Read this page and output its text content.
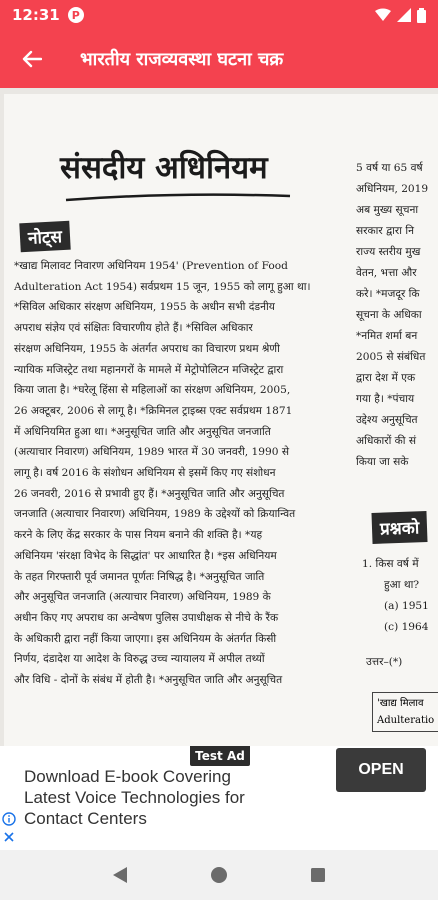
12:31	P
भारतीय राजव्यवस्था घटना चक्र
संसदीय अधिनियम
नोट्स

*खाद्य मिलावट निवारण अधिनियम 1954' (Prevention of Food

Adulteration Act 1954) सर्वप्रथम 15 जून, 1955 को लागू हुआ था।

*सिविल अधिकार संरक्षण अधिनियम, 1955 के अधीन सभी दंडनीय

अपराध संज्ञेय एवं संक्षितः विचारणीय होते हैं। *सिविल अधिकार

संरक्षण अधिनियम, 1955 के अंतर्गत अपराध का विचारण प्रथम श्रेणी

न्यायिक मजिस्ट्रेट तथा महानगरों के मामले में मेट्रोपोलिटन मजिस्ट्रेट द्वारा

किया जाता है। *घरेलू हिंसा से महिलाओं का संरक्षण अधिनियम, 2005,

26 अक्टूबर, 2006 से लागू है। *क्रिमिनल ट्राइब्स एक्ट सर्वप्रथम 1871

में अधिनियमित हुआ था। *अनुसूचित जाति और अनुसूचित जनजाति

(अत्याचार निवारण) अधिनियम, 1989 भारत में 30 जनवरी, 1990 से

लागू है। वर्ष 2016 के संशोधन अधिनियम से इसमें किए गए संशोधन

26 जनवरी, 2016 से प्रभावी हुए हैं। *अनुसूचित जाति और अनुसूचित

जनजाति (अत्याचार निवारण) अधिनियम, 1989 के उद्देश्यों को क्रियान्वित

करने के लिए केंद्र सरकार के पास नियम बनाने की शक्ति है। *यह

अधिनियम 'संरक्षा विभेद के सिद्धांत' पर आधारित है। *इस अधिनियम

के तहत गिरफ्तारी पूर्व जमानत पूर्णतः निषिद्ध है। *अनुसूचित जाति

और अनुसूचित जनजाति (अत्याचार निवारण) अधिनियम, 1989 के

अधीन किए गए अपराध का अन्वेषण पुलिस उपाधीक्षक से नीचे के रैंक

के अधिकारी द्वारा नहीं किया जाएगा। इस अधिनियम के अंतर्गत किसी

निर्णय, दंडादेश या आदेश के विरुद्ध उच्च न्यायालय में अपील तथ्यों

और विधि - दोनों के संबंध में होती है। *अनुसूचित जाति और अनुसूचित

5 वर्ष या 65 वर्ष

अधिनियम, 2019

अब मुख्य सूचना

सरकार द्वारा नि

राज्य स्तरीय मुख

वेतन, भत्ता और

करे। *मजदूर कि

सूचना के अधिका

*नमित शर्मा बन

2005 से संबंधित

द्वारा देश में एक

गया है। *पंचाय

उद्देश्य अनुसूचित

अधिकारों की सं

किया जा सके

प्रश्नको

1. किस वर्ष में

हुआ था?

(a) 1951

(c) 1964

उत्तर–(*)

'खाद्य मिलाव

Adulteratio

Test Ad

Download E-book Covering

Latest Voice Technologies for

Contact Centers

OPEN
